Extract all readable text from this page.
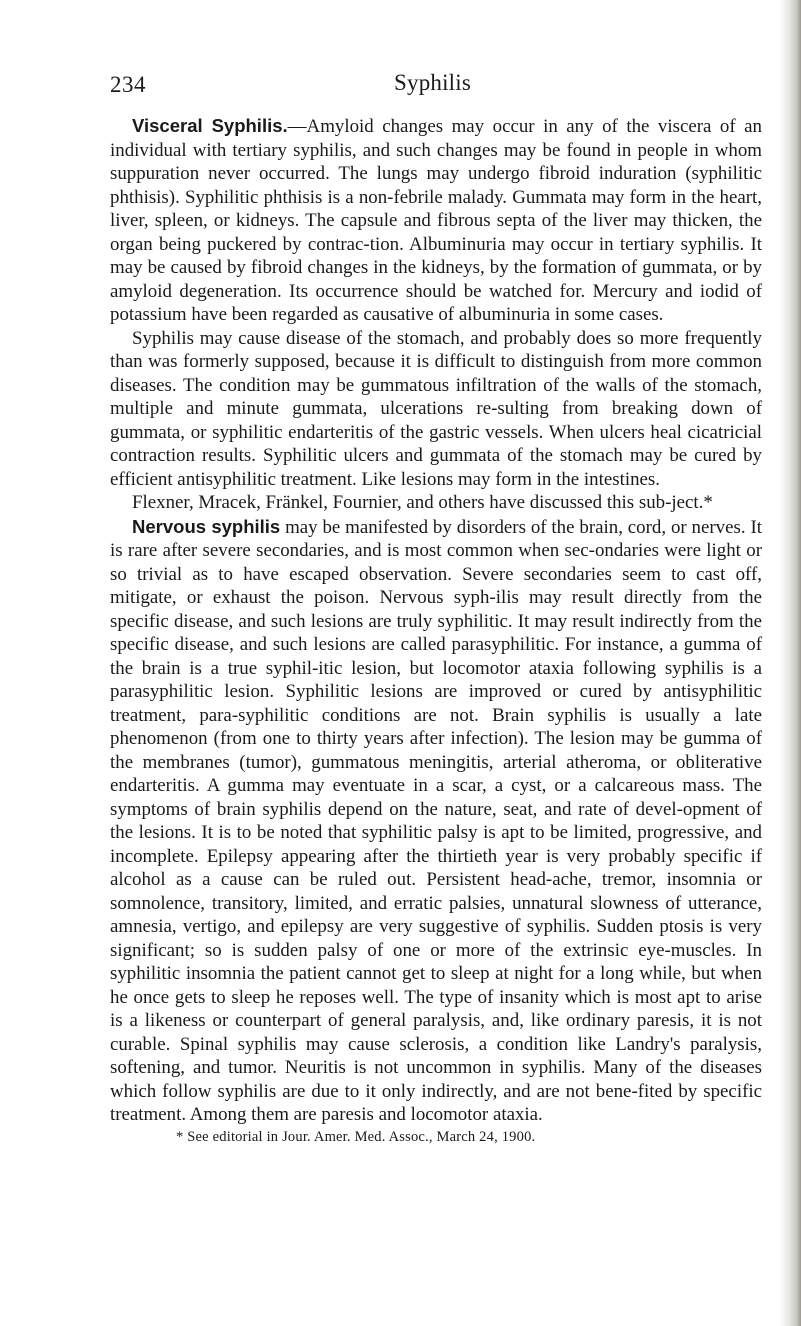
234	Syphilis

Visceral Syphilis.—Amyloid changes may occur in any of the viscera of an individual with tertiary syphilis, and such changes may be found in people in whom suppuration never occurred. The lungs may undergo fibroid induration (syphilitic phthisis). Syphilitic phthisis is a non-febrile malady. Gummata may form in the heart, liver, spleen, or kidneys. The capsule and fibrous septa of the liver may thicken, the organ being puckered by contrac-tion. Albuminuria may occur in tertiary syphilis. It may be caused by fibroid changes in the kidneys, by the formation of gummata, or by amyloid degeneration. Its occurrence should be watched for. Mercury and iodid of potassium have been regarded as causative of albuminuria in some cases.

Syphilis may cause disease of the stomach, and probably does so more frequently than was formerly supposed, because it is difficult to distinguish from more common diseases. The condition may be gummatous infiltration of the walls of the stomach, multiple and minute gummata, ulcerations re-sulting from breaking down of gummata, or syphilitic endarteritis of the gastric vessels. When ulcers heal cicatricial contraction results. Syphilitic ulcers and gummata of the stomach may be cured by efficient antisyphilitic treatment. Like lesions may form in the intestines.

Flexner, Mracek, Fränkel, Fournier, and others have discussed this sub-ject.*

Nervous syphilis may be manifested by disorders of the brain, cord, or nerves. It is rare after severe secondaries, and is most common when sec-ondaries were light or so trivial as to have escaped observation. Severe secondaries seem to cast off, mitigate, or exhaust the poison. Nervous syph-ilis may result directly from the specific disease, and such lesions are truly syphilitic. It may result indirectly from the specific disease, and such lesions are called parasyphilitic. For instance, a gumma of the brain is a true syphil-itic lesion, but locomotor ataxia following syphilis is a parasyphilitic lesion. Syphilitic lesions are improved or cured by antisyphilitic treatment, para-syphilitic conditions are not. Brain syphilis is usually a late phenomenon (from one to thirty years after infection). The lesion may be gumma of the membranes (tumor), gummatous meningitis, arterial atheroma, or obliterative endarteritis. A gumma may eventuate in a scar, a cyst, or a calcareous mass. The symptoms of brain syphilis depend on the nature, seat, and rate of devel-opment of the lesions. It is to be noted that syphilitic palsy is apt to be limited, progressive, and incomplete. Epilepsy appearing after the thirtieth year is very probably specific if alcohol as a cause can be ruled out. Persistent head-ache, tremor, insomnia or somnolence, transitory, limited, and erratic palsies, unnatural slowness of utterance, amnesia, vertigo, and epilepsy are very suggestive of syphilis. Sudden ptosis is very significant; so is sudden palsy of one or more of the extrinsic eye-muscles. In syphilitic insomnia the patient cannot get to sleep at night for a long while, but when he once gets to sleep he reposes well. The type of insanity which is most apt to arise is a likeness or counterpart of general paralysis, and, like ordinary paresis, it is not curable. Spinal syphilis may cause sclerosis, a condition like Landry's paralysis, softening, and tumor. Neuritis is not uncommon in syphilis. Many of the diseases which follow syphilis are due to it only indirectly, and are not bene-fited by specific treatment. Among them are paresis and locomotor ataxia.

* See editorial in Jour. Amer. Med. Assoc., March 24, 1900.
